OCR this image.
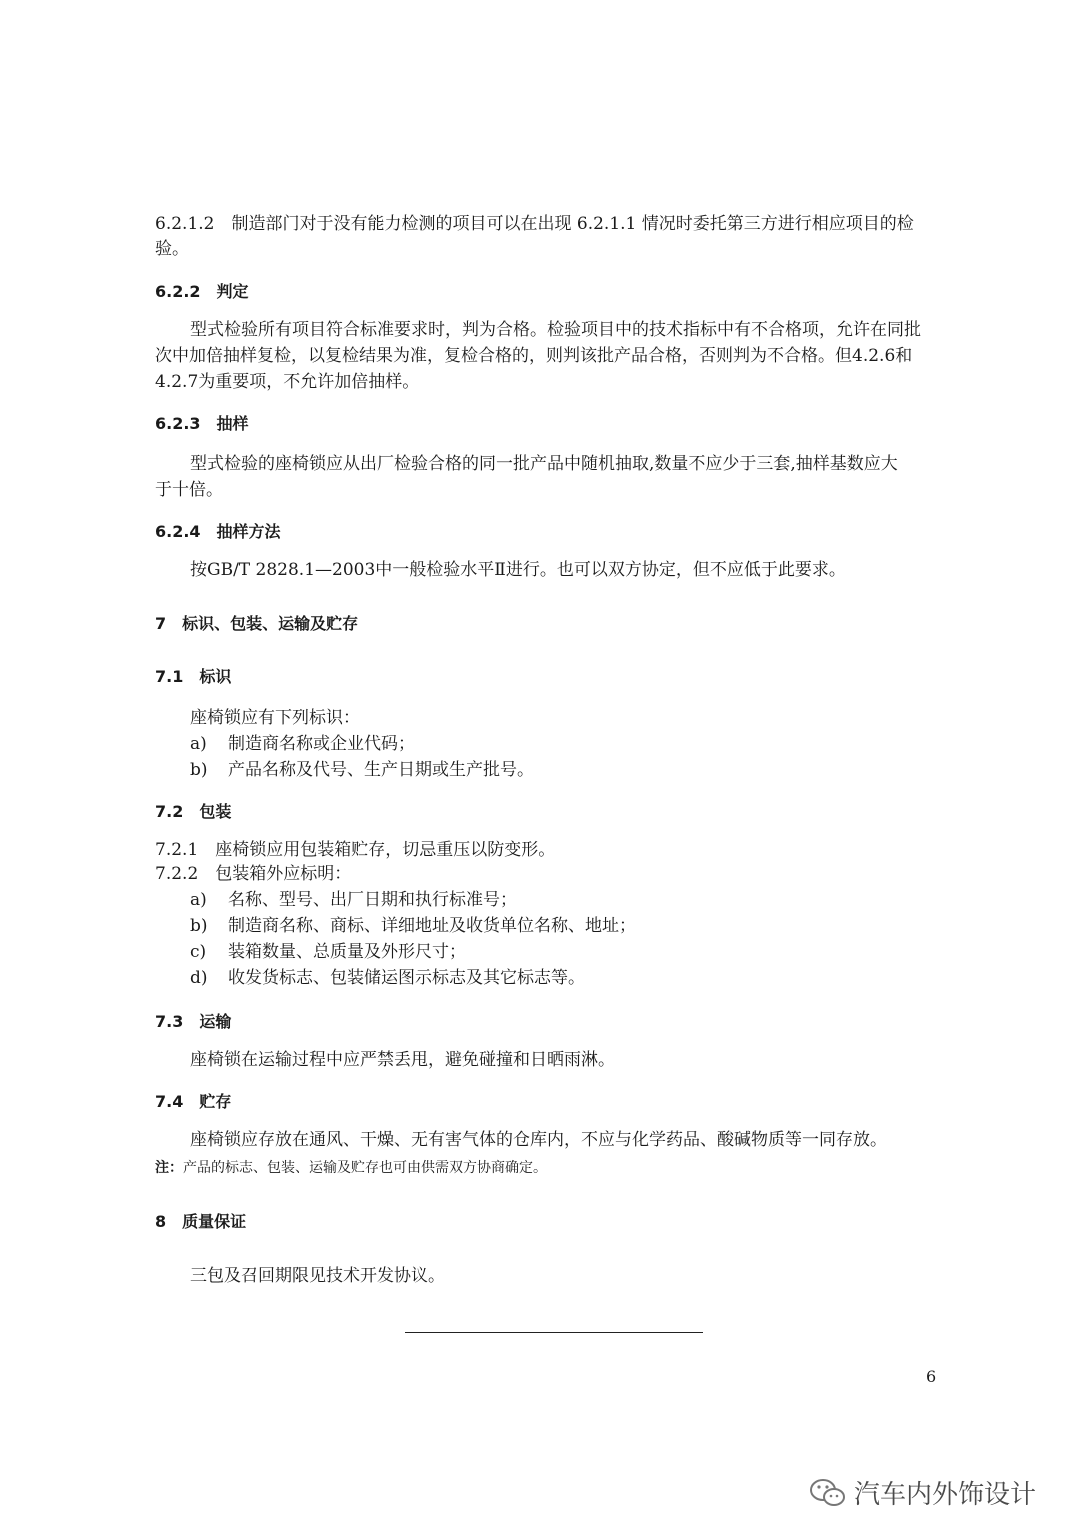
6.2.1.2　制造部门对于没有能力检测的项目可以在出现 6.2.1.1 情况时委托第三方进行相应项目的检
验。
6.2.2　判定
型式检验所有项目符合标准要求时，判为合格。检验项目中的技术指标中有不合格项，允许在同批
次中加倍抽样复检，以复检结果为准，复检合格的，则判该批产品合格，否则判为不合格。但4.2.6和
4.2.7为重要项，不允许加倍抽样。
6.2.3　抽样
型式检验的座椅锁应从出厂检验合格的同一批产品中随机抽取,数量不应少于三套,抽样基数应大
于十倍。
6.2.4　抽样方法
按GB/T 2828.1—2003中一般检验水平Ⅱ进行。也可以双方协定，但不应低于此要求。
7　标识、包装、运输及贮存
7.1　标识
座椅锁应有下列标识：
a) 制造商名称或企业代码；
b) 产品名称及代号、生产日期或生产批号。
7.2　包装
7.2.1　座椅锁应用包装箱贮存，切忌重压以防变形。
7.2.2　包装箱外应标明：
a) 名称、型号、出厂日期和执行标准号；
b) 制造商名称、商标、详细地址及收货单位名称、地址；
c) 装箱数量、总质量及外形尺寸；
d) 收发货标志、包装储运图示标志及其它标志等。
7.3　运输
座椅锁在运输过程中应严禁丢甩，避免碰撞和日晒雨淋。
7.4　贮存
座椅锁应存放在通风、干燥、无有害气体的仓库内，不应与化学药品、酸碱物质等一同存放。
注：产品的标志、包装、运输及贮存也可由供需双方协商确定。
8　质量保证
三包及召回期限见技术开发协议。
6
汽车内外饰设计
